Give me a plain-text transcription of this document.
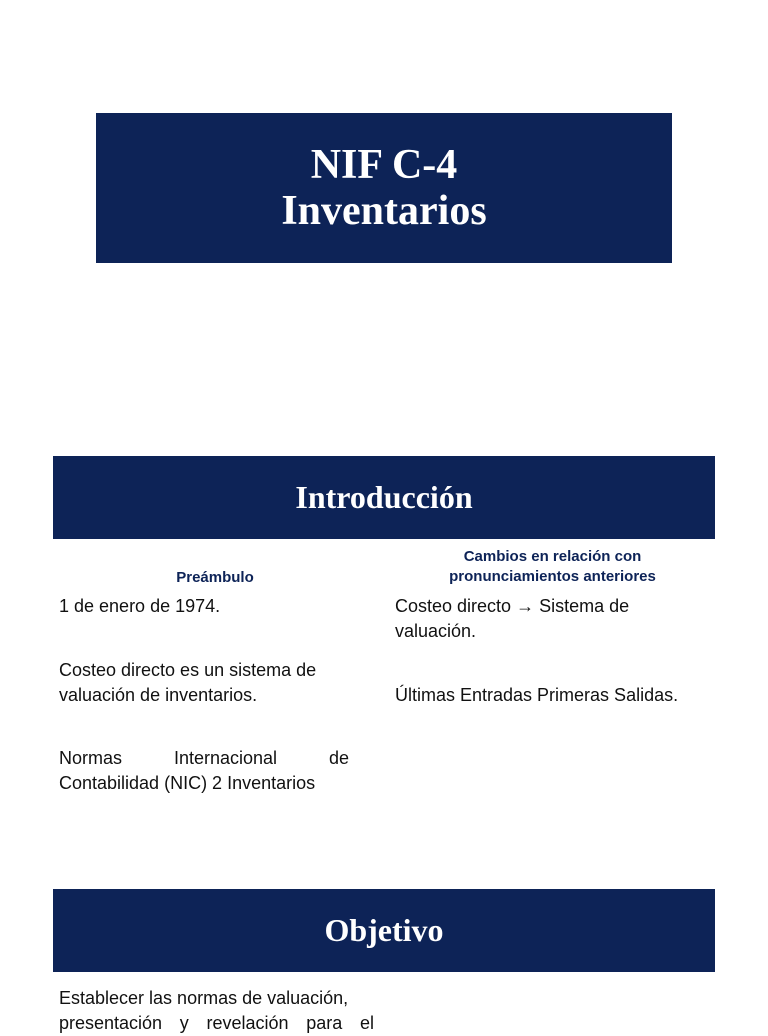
NIF C-4
Inventarios
Introducción
Preámbulo
Cambios en relación con
pronunciamientos anteriores

1 de enero de 1974.

Costeo directo es un sistema de valuación de inventarios.

Normas Internacional de
Contabilidad (NIC) 2 Inventarios
Costeo directo → Sistema de valuación.

Últimas Entradas Primeras Salidas.

Objetivo
Establecer las normas de valuación,
presentación y revelación para el
